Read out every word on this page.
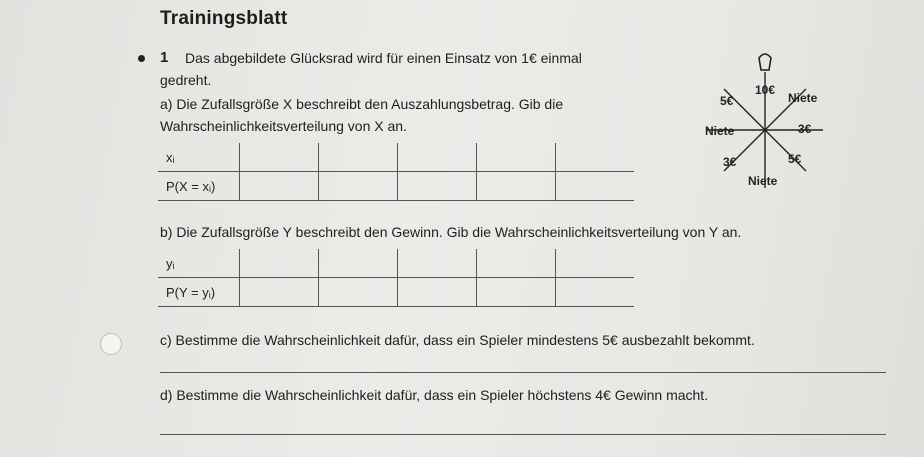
Trainingsblatt
1 Das abgebildete Glücksrad wird für einen Einsatz von 1€ einmal
gedreht.
a) Die Zufallsgröße X beschreibt den Auszahlungsbetrag. Gib die
Wahrscheinlichkeitsverteilung von X an.
xᵢ					
P(X = xᵢ)					
10€
Niete
3€
5€
Niete
3€
Niete
5€
b) Die Zufallsgröße Y beschreibt den Gewinn. Gib die Wahrscheinlichkeitsverteilung von Y an.
yᵢ					
P(Y = yᵢ)					
c) Bestimme die Wahrscheinlichkeit dafür, dass ein Spieler mindestens 5€ ausbezahlt bekommt.
d) Bestimme die Wahrscheinlichkeit dafür, dass ein Spieler höchstens 4€ Gewinn macht.
